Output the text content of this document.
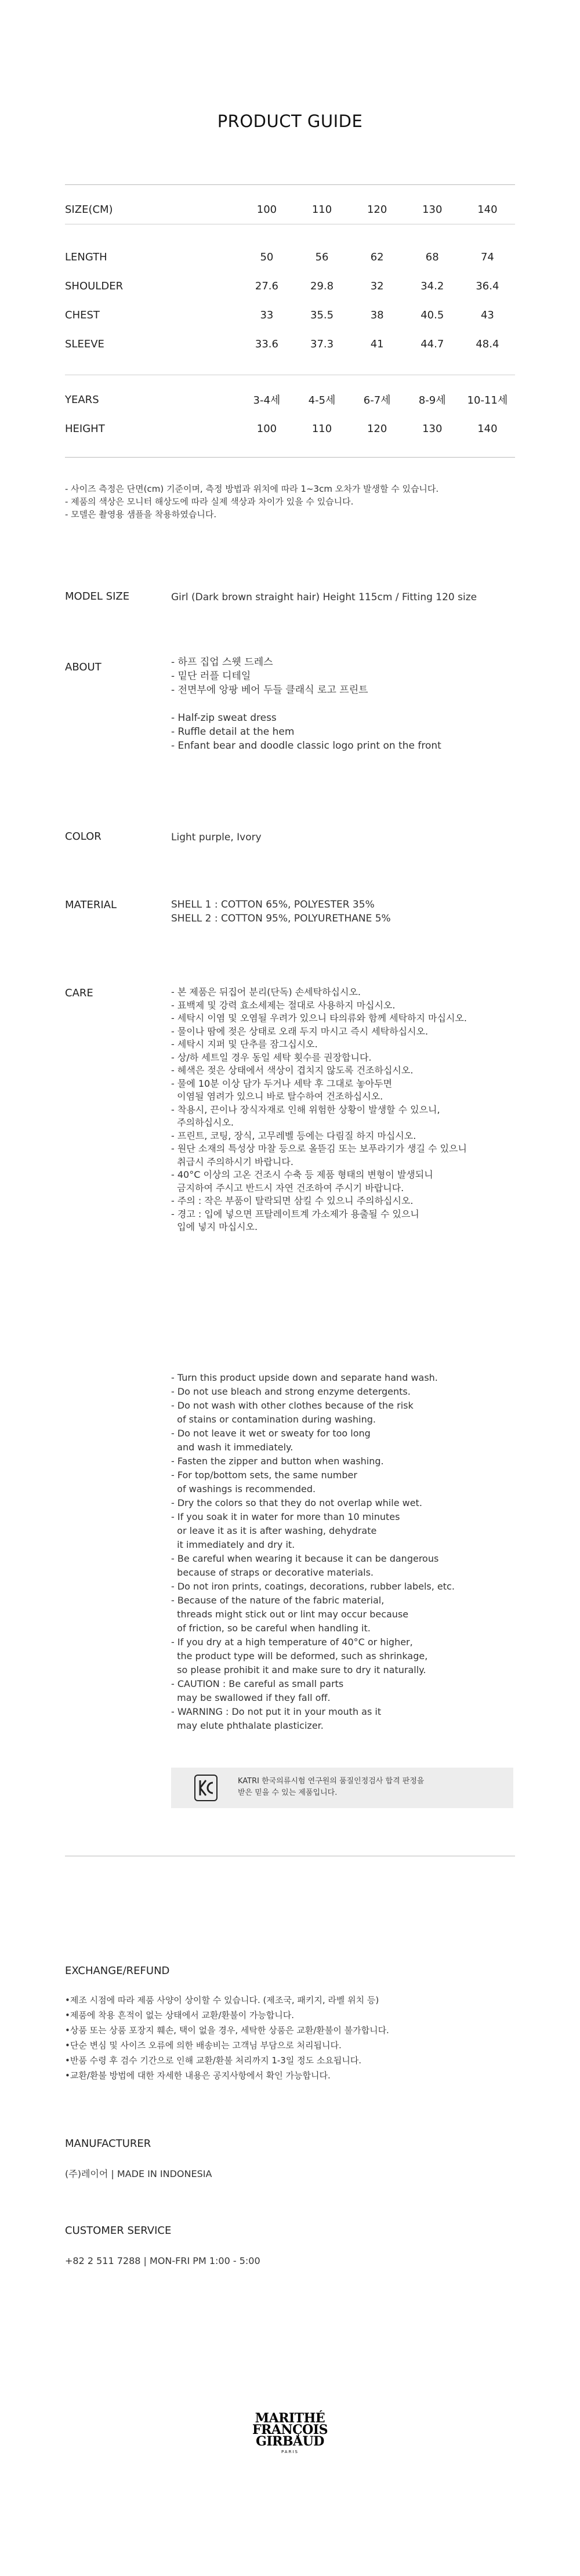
PRODUCT GUIDE
SIZE(CM)	100	110	120	130	140

LENGTH	50	56	62	68	74
SHOULDER	27.6	29.8	32	34.2	36.4
CHEST	33	35.5	38	40.5	43
SLEEVE	33.6	37.3	41	44.7	48.4

YEARS	3-4세	4-5세	6-7세	8-9세	10-11세
HEIGHT	100	110	120	130	140
- 사이즈 측정은 단면(cm) 기준이며, 측정 방법과 위치에 따라 1~3cm 오차가 발생할 수 있습니다.
- 제품의 색상은 모니터 해상도에 따라 실제 색상과 차이가 있을 수 있습니다.
- 모델은 촬영용 샘플을 착용하였습니다.
MODEL SIZE	Girl (Dark brown straight hair) Height 115cm / Fitting 120 size
ABOUT	- 하프 집업 스웻 드레스
- 밑단 러플 디테일
- 전면부에 앙팡 베어 두들 클래식 로고 프린트
- Half-zip sweat dress
- Ruffle detail at the hem
- Enfant bear and doodle classic logo print on the front
COLOR	Light purple, Ivory
MATERIAL	SHELL 1 : COTTON 65%, POLYESTER 35%
SHELL 2 : COTTON 95%, POLYURETHANE 5%
CARE	- 본 제품은 뒤집어 분리(단독) 손세탁하십시오.
- 표백제 및 강력 효소세제는 절대로 사용하지 마십시오.
- 세탁시 이염 및 오염될 우려가 있으니 타의류와 함께 세탁하지 마십시오.
- 물이나 땀에 젖은 상태로 오래 두지 마시고 즉시 세탁하십시오.
- 세탁시 지퍼 및 단추를 잠그십시오.
- 상/하 세트일 경우 동일 세탁 횟수를 권장합니다.
- 헤색은 젖은 상태에서 색상이 겹치지 않도록 건조하십시오.
- 물에 10분 이상 담가 두거나 세탁 후 그대로 놓아두면
이염될 염려가 있으니 바로 탈수하여 건조하십시오.
- 착용시, 끈이나 장식자재로 인해 위험한 상황이 발생할 수 있으니,
주의하십시오.
- 프린트, 코팅, 장식, 고무레벨 등에는 다림질 하지 마십시오.
- 원단 소재의 특성상 마찰 등으로 올뜯김 또는 보푸라기가 생길 수 있으니
취급시 주의하시기 바랍니다.
- 40°C 이상의 고온 건조시 수축 등 제품 형태의 변형이 발생되니
금지하여 주시고 반드시 자연 건조하여 주시기 바랍니다.
- 주의 : 작은 부품이 탈락되면 삼킬 수 있으니 주의하십시오.
- 경고 : 입에 넣으면 프탈레이트계 가소제가 용출될 수 있으니
입에 넣지 마십시오.
- Turn this product upside down and separate hand wash.
- Do not use bleach and strong enzyme detergents.
- Do not wash with other clothes because of the risk
of stains or contamination during washing.
- Do not leave it wet or sweaty for too long
and wash it immediately.
- Fasten the zipper and button when washing.
- For top/bottom sets, the same number
of washings is recommended.
- Dry the colors so that they do not overlap while wet.
- If you soak it in water for more than 10 minutes
or leave it as it is after washing, dehydrate
it immediately and dry it.
- Be careful when wearing it because it can be dangerous
because of straps or decorative materials.
- Do not iron prints, coatings, decorations, rubber labels, etc.
- Because of the nature of the fabric material,
threads might stick out or lint may occur because
of friction, so be careful when handling it.
- If you dry at a high temperature of 40°C or higher,
the product type will be deformed, such as shrinkage,
so please prohibit it and make sure to dry it naturally.
- CAUTION : Be careful as small parts
may be swallowed if they fall off.
- WARNING : Do not put it in your mouth as it
may elute phthalate plasticizer.
KATRI 한국의류시험 연구원의 품질인정검사 합격 판정을
받은 믿을 수 있는 제품입니다.
EXCHANGE/REFUND
•제조 시점에 따라 제품 사양이 상이할 수 있습니다. (제조국, 패키지, 라벨 위치 등)
•제품에 착용 흔적이 없는 상태에서 교환/환불이 가능합니다.
•상품 또는 상품 포장지 훼손, 택이 없을 경우, 세탁한 상품은 교환/환불이 불가합니다.
•단순 변심 및 사이즈 오류에 의한 배송비는 고객님 부담으로 처리됩니다.
•반품 수령 후 검수 기간으로 인해 교환/환불 처리까지 1-3일 정도 소요됩니다.
•교환/환불 방법에 대한 자세한 내용은 공지사항에서 확인 가능합니다.
MANUFACTURER
(주)레이어 | MADE IN INDONESIA
CUSTOMER SERVICE
+82 2 511 7288 | MON-FRI PM 1:00 - 5:00
MARITHÉ
FRANÇOIS
GIRBAUD
PARIS
